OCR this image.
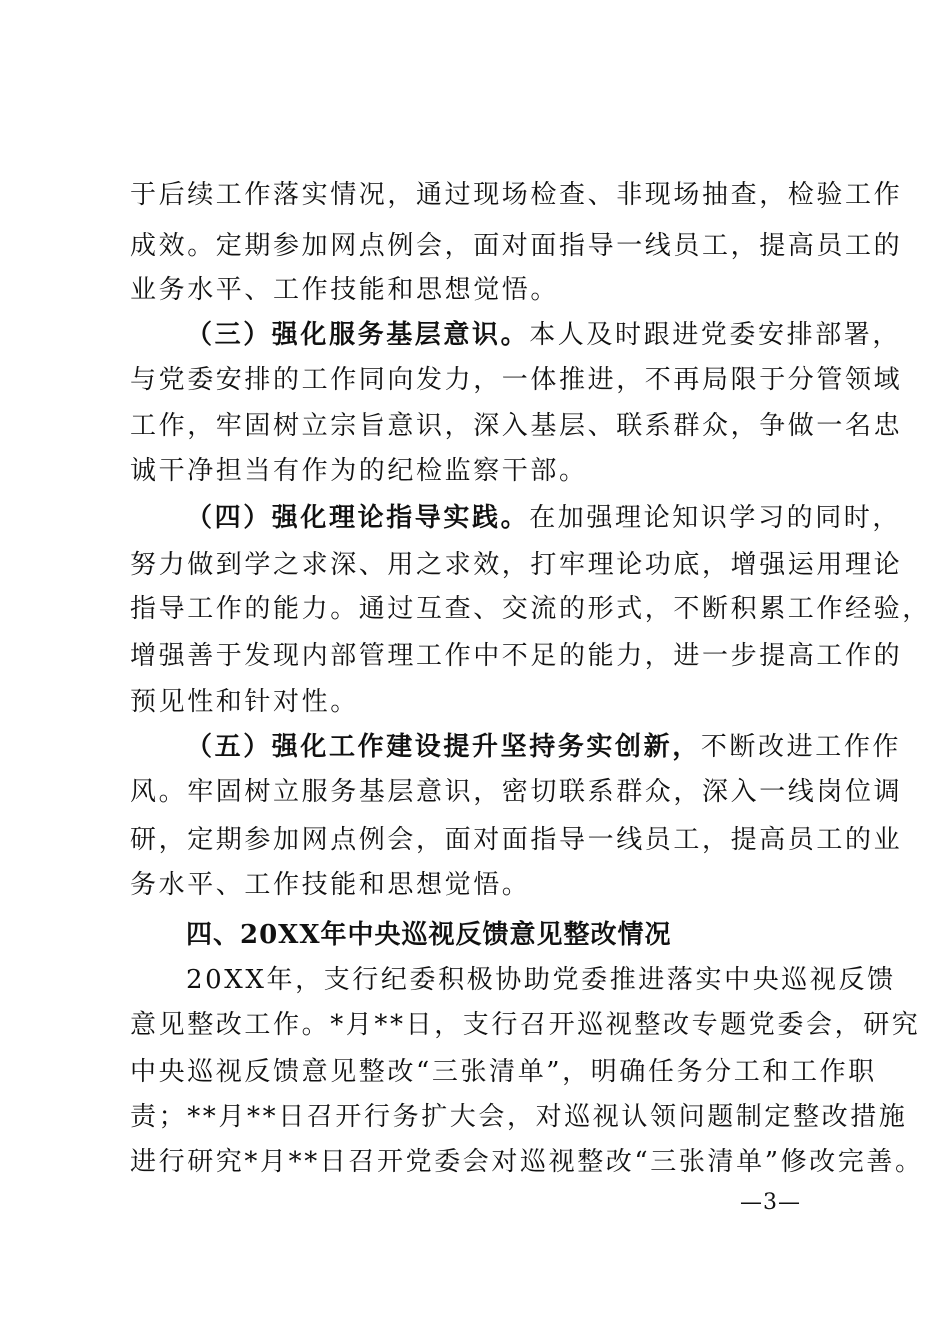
于后续工作落实情况，通过现场检查、非现场抽查，检验工作
成效。定期参加网点例会，面对面指导一线员工，提高员工的
业务水平、工作技能和思想觉悟。
（三）强化服务基层意识。本人及时跟进党委安排部署，
与党委安排的工作同向发力，一体推进，不再局限于分管领域
工作，牢固树立宗旨意识，深入基层、联系群众，争做一名忠
诚干净担当有作为的纪检监察干部。
（四）强化理论指导实践。在加强理论知识学习的同时，
努力做到学之求深、用之求效，打牢理论功底，增强运用理论
指导工作的能力。通过互查、交流的形式，不断积累工作经验，
增强善于发现内部管理工作中不足的能力，进一步提高工作的
预见性和针对性。
（五）强化工作建设提升坚持务实创新，不断改进工作作
风。牢固树立服务基层意识，密切联系群众，深入一线岗位调
研，定期参加网点例会，面对面指导一线员工，提高员工的业
务水平、工作技能和思想觉悟。
四、20XX年中央巡视反馈意见整改情况
20XX年，支行纪委积极协助党委推进落实中央巡视反馈
意见整改工作。*月**日，支行召开巡视整改专题党委会，研究
中央巡视反馈意见整改“三张清单”，明确任务分工和工作职
责；**月**日召开行务扩大会，对巡视认领问题制定整改措施
进行研究*月**日召开党委会对巡视整改“三张清单”修改完善。
—3—
